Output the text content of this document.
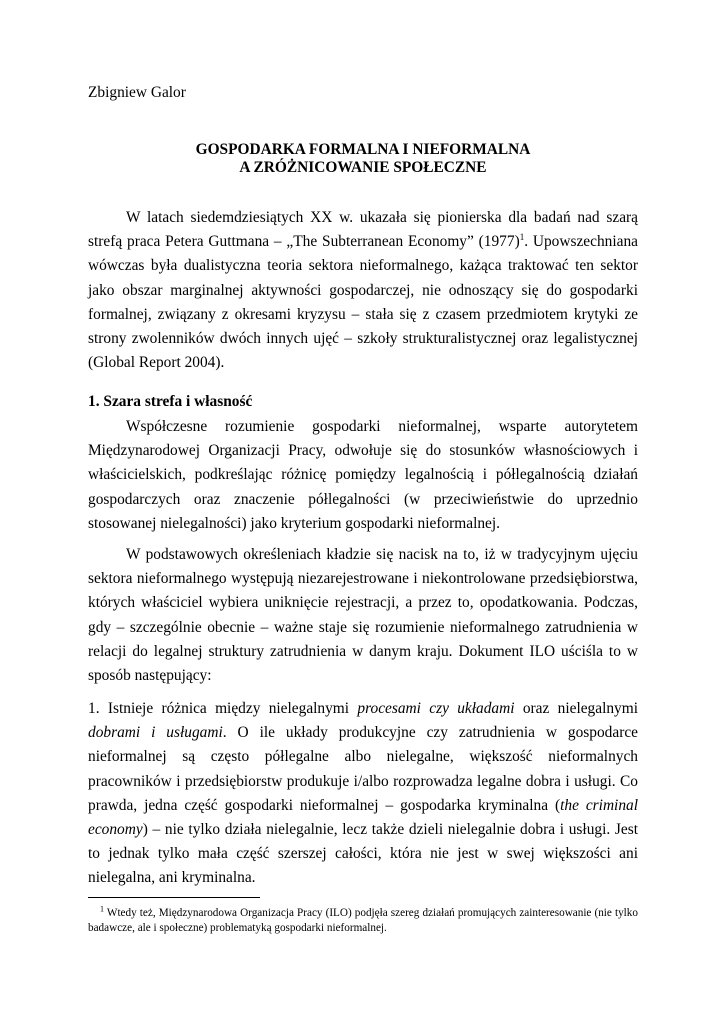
Zbigniew Galor
GOSPODARKA FORMALNA I NIEFORMALNA
A ZRÓŻNICOWANIE SPOŁECZNE

W latach siedemdziesiątych XX w. ukazała się pionierska dla badań nad szarą strefą praca Petera Guttmana – „The Subterranean Economy” $(1977)^1$. Upowszechniana wówczas była dualistyczna teoria sektora nieformalnego, każąca traktować ten sektor jako obszar marginalnej aktywności gospodarczej, nie odnoszący się do gospodarki formalnej, związany z okresami kryzysu – stała się z czasem przedmiotem krytyki ze strony zwolenników dwóch innych ujęć – szkoły strukturalistycznej oraz legalistycznej (Global Report 2004).

1. Szara strefa i własność

Współczesne rozumienie gospodarki nieformalnej, wsparte autorytetem Międzynarodowej Organizacji Pracy, odwołuje się do stosunków własnościowych i właścicielskich, podkreślając różnicę pomiędzy legalnością i półlegalnością działań gospodarczych oraz znaczenie półlegalności (w przeciwieństwie do uprzednio stosowanej nielegalności) jako kryterium gospodarki nieformalnej.

W podstawowych określeniach kładzie się nacisk na to, iż w tradycyjnym ujęciu sektora nieformalnego występują niezarejestrowane i niekontrolowane przedsiębiorstwa, których właściciel wybiera uniknięcie rejestracji, a przez to, opodatkowania. Podczas, gdy – szczególnie obecnie – ważne staje się rozumienie nieformalnego zatrudnienia w relacji do legalnej struktury zatrudnienia w danym kraju. Dokument ILO uściśla to w sposób następujący:

1. Istnieje różnica między nielegalnymi procesami czy układami oraz nielegalnymi dobrami i usługami. O ile układy produkcyjne czy zatrudnienia w gospodarce nieformalnej są często półlegalne albo nielegalne, większość nieformalnych pracowników i przedsiębiorstw produkuje i/albo rozprowadza legalne dobra i usługi. Co prawda, jedna część gospodarki nieformalnej – gospodarka kryminalna (the criminal economy) – nie tylko działa nielegalnie, lecz także dzieli nielegalnie dobra i usługi. Jest to jednak tylko mała część szerszej całości, która nie jest w swej większości ani nielegalna, ani kryminalna.

$^1$ Wtedy też, Międzynarodowa Organizacja Pracy (ILO) podjęła szereg działań promujących zainteresowanie (nie tylko badawcze, ale i społeczne) problematyką gospodarki nieformalnej.
